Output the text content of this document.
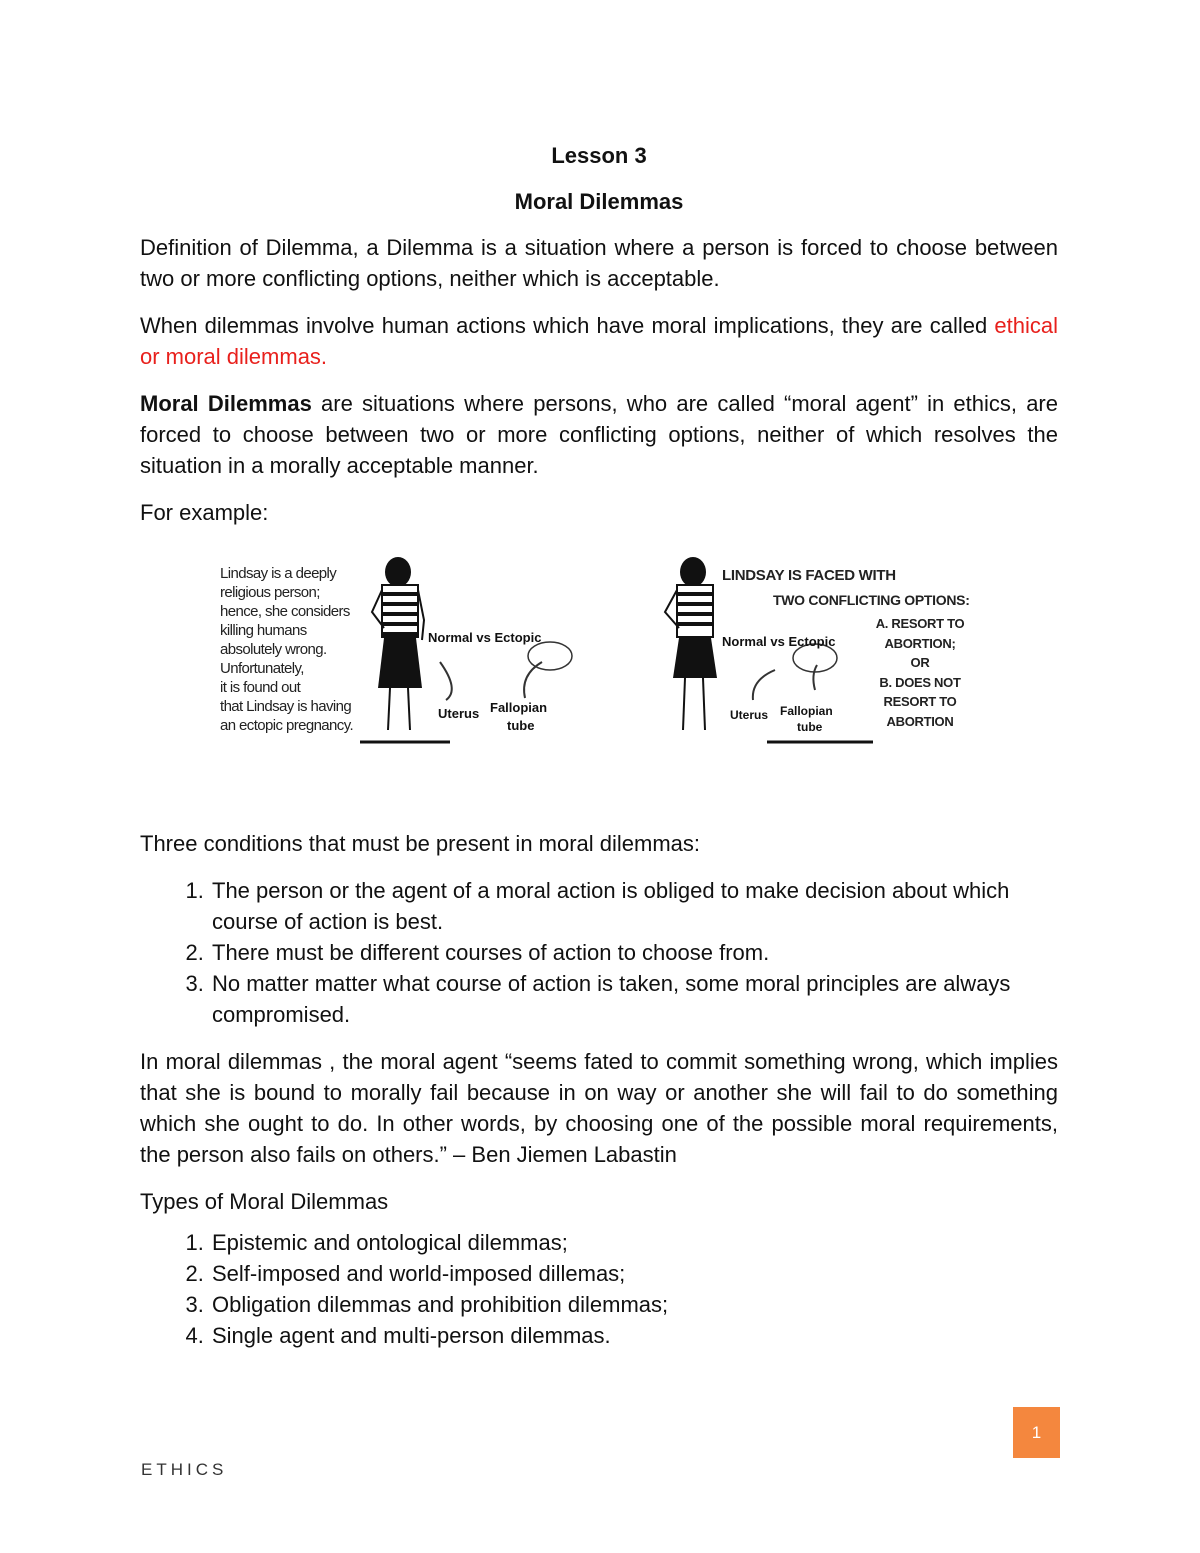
Lesson 3

Moral Dilemmas

Definition of Dilemma, a Dilemma is a situation where a person is forced to choose between two or more conflicting options, neither which is acceptable.

When dilemmas involve human actions which have moral implications, they are called ethical or moral dilemmas.

Moral Dilemmas are situations where persons, who are called “moral agent” in ethics, are forced to choose between two or more conflicting options, neither of which resolves the situation in a morally acceptable manner.

For example:

Lindsay is a deeply
religious person;
hence, she considers
killing humans
absolutely wrong.
Unfortunately,
it is found out
that Lindsay is having
an ectopic pregnancy.
Normal vs Ectopic
Uterus Fallopian
tube
LINDSAY IS FACED WITH
TWO CONFLICTING OPTIONS:
Normal vs Ectopic
Uterus Fallopian
tube
A. RESORT TO
ABORTION;
OR
B. DOES NOT
RESORT TO
ABORTION

Three conditions that must be present in moral dilemmas:

1. The person or the agent of a moral action is obliged to make decision about which course of action is best.
2. There must be different courses of action to choose from.
3. No matter matter what course of action is taken, some moral principles are always compromised.

In moral dilemmas , the moral agent “seems fated to commit something wrong, which implies that she is bound to morally fail because in on way or another she will fail to do something which she ought to do. In other words, by choosing one of the possible moral requirements, the person also fails on others.” – Ben Jiemen Labastin

Types of Moral Dilemmas

1. Epistemic and ontological dilemmas;
2. Self-imposed and world-imposed dillemas;
3. Obligation dilemmas and prohibition dilemmas;
4. Single agent and multi-person dilemmas.
ETHICS
1
